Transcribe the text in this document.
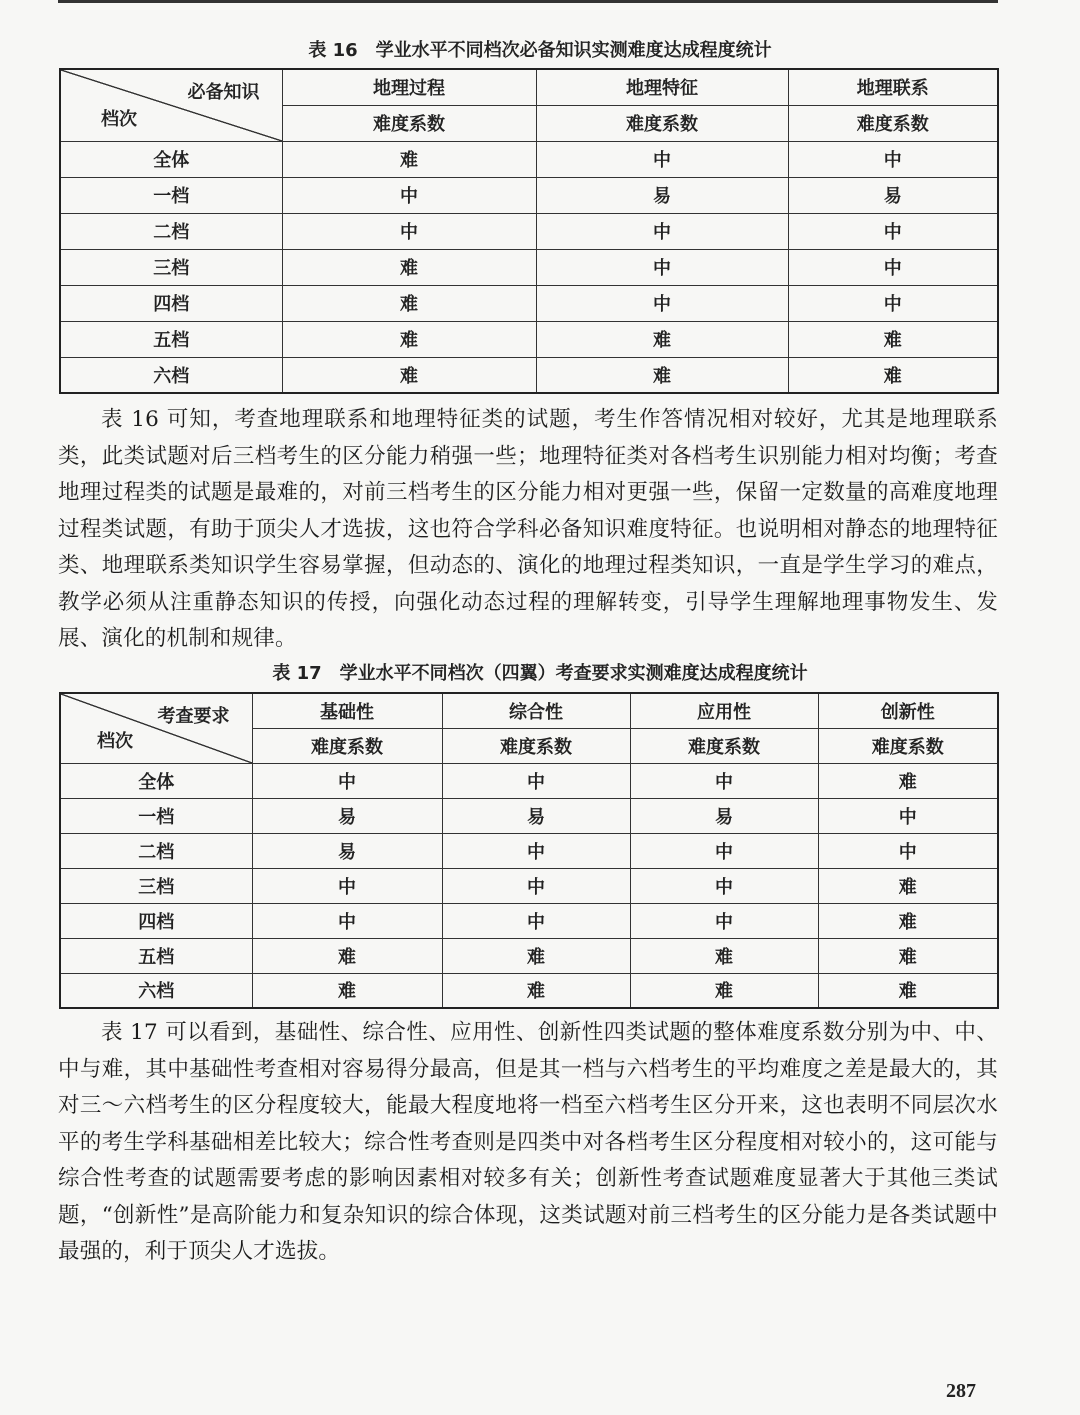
表 16　学业水平不同档次必备知识实测难度达成程度统计

必备知识
档次	地理过程	地理特征	地理联系
	难度系数	难度系数	难度系数
全体	难	中	中
一档	中	易	易
二档	中	中	中
三档	难	中	中
四档	难	中	中
五档	难	难	难
六档	难	难	难

表 16 可知，考查地理联系和地理特征类的试题，考生作答情况相对较好，尤其是地理联系类，此类试题对后三档考生的区分能力稍强一些；地理特征类对各档考生识别能力相对均衡；考查地理过程类的试题是最难的，对前三档考生的区分能力相对更强一些，保留一定数量的高难度地理过程类试题，有助于顶尖人才选拔，这也符合学科必备知识难度特征。也说明相对静态的地理特征类、地理联系类知识学生容易掌握，但动态的、演化的地理过程类知识，一直是学生学习的难点，教学必须从注重静态知识的传授，向强化动态过程的理解转变，引导学生理解地理事物发生、发展、演化的机制和规律。

表 17　学业水平不同档次（四翼）考查要求实测难度达成程度统计

考查要求
档次	基础性	综合性	应用性	创新性
	难度系数	难度系数	难度系数	难度系数
全体	中	中	中	难
一档	易	易	易	中
二档	易	中	中	中
三档	中	中	中	难
四档	中	中	中	难
五档	难	难	难	难
六档	难	难	难	难

表 17 可以看到，基础性、综合性、应用性、创新性四类试题的整体难度系数分别为中、中、中与难，其中基础性考查相对容易得分最高，但是其一档与六档考生的平均难度之差是最大的，其对三～六档考生的区分程度较大，能最大程度地将一档至六档考生区分开来，这也表明不同层次水平的考生学科基础相差比较大；综合性考查则是四类中对各档考生区分程度相对较小的，这可能与综合性考查的试题需要考虑的影响因素相对较多有关；创新性考查试题难度显著大于其他三类试题，“创新性”是高阶能力和复杂知识的综合体现，这类试题对前三档考生的区分能力是各类试题中最强的，利于顶尖人才选拔。

287
